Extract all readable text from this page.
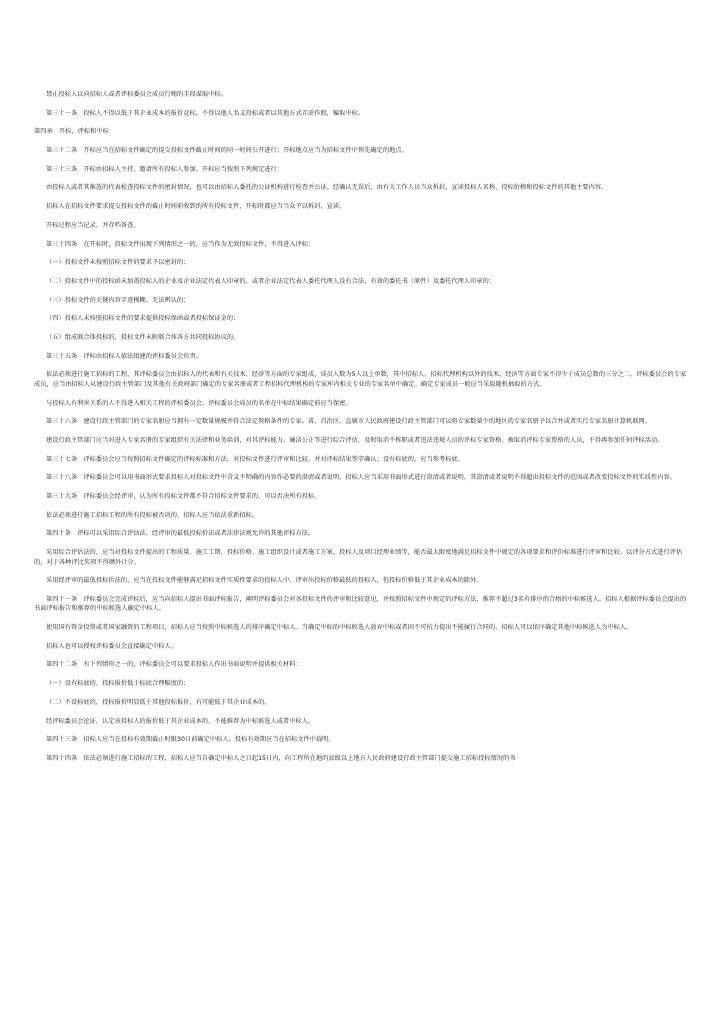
禁止投标人以向招标人或者评标委员会成员行贿的手段谋取中标。

第三十一条　投标人不得以低于其企业成本的报价竞标，不得以他人名义投标或者以其他方式弄虚作假，骗取中标。

第四章　开标、评标和中标

第三十二条　开标应当在招标文件确定的提交投标文件截止时间的同一时间公开进行；开标地点应当为招标文件中预先确定的地点。

第三十三条　开标由招标人主持，邀请所有投标人参加。开标应当按照下列规定进行：

由投标人或者其推选的代表检查投标文件的密封情况，也可以由招标人委托的公证机构进行检查并公证。经确认无误后，由有关工作人员当众拆封，宣读投标人名称、投标价格和投标文件的其他主要内容。

招标人在招标文件要求提交投标文件的截止时间前收到的所有投标文件，开标时都应当当众予以拆封、宣读。

开标过程应当记录，并存档备查。

第三十四条　在开标时，投标文件出现下列情形之一的，应当作为无效投标文件，不得进入评标：

（一）投标文件未按照招标文件的要求予以密封的；

（二）投标文件中的投标函未加盖投标人的企业及企业法定代表人印章的，或者企业法定代表人委托代理人没有合法、有效的委托书（原件）及委托代理人印章的；

（三）投标文件的关键内容字迹模糊、无法辨认的；

（四）投标人未按照招标文件的要求提供投标保函或者投标保证金的；

（五）组成联合体投标的，投标文件未附联合体各方共同投标协议的。

第三十五条　评标由招标人依法组建的评标委员会负责。

依法必须进行施工招标的工程，其评标委员会由招标人的代表和有关技术、经济等方面的专家组成，成员人数为5人以上单数，其中招标人、招标代理机构以外的技术、经济等方面专家不得少于成员总数的三分之二。评标委员会的专家成员，应当由招标人从建设行政主管部门及其他有关政府部门确定的专家名册或者工程招标代理机构的专家库内相关专业的专家名单中确定。确定专家成员一般应当采取随机抽取的方式。

与投标人有利害关系的人不得进入相关工程的评标委员会。评标委员会成员的名单在中标结果确定前应当保密。

第三十六条　建设行政主管部门的专家名册应当拥有一定数量规模并符合法定资格条件的专家。省、自治区、直辖市人民政府建设行政主管部门可以将专家数量少的地区的专家名册予以合并或者实行专家名册计算机联网。

建设行政主管部门应当对进入专家名册的专家组织有关法律和业务培训，对其评标能力、廉洁公正等进行综合评估，及时取消不称职或者违法违规人员的评标专家资格。被取消评标专家资格的人员，不得再参加任何评标活动。

第三十七条　评标委员会应当按照招标文件确定的评标标准和方法，对投标文件进行评审和比较，并对评标结果签字确认；设有标底的，应当参考标底。

第三十八条　评标委员会可以用书面形式要求投标人对投标文件中含义不明确的内容作必要的澄清或者说明。投标人应当采用书面形式进行澄清或者说明，其澄清或者说明不得超出投标文件的范围或者改变投标文件的实质性内容。

第三十九条　评标委员会经评审，认为所有投标文件都不符合招标文件要求的，可以否决所有投标。

依法必须进行施工招标工程的所有投标被否决的，招标人应当依法重新招标。

第四十条　评标可以采用综合评估法、经评审的最低投标价法或者法律法规允许的其他评标方法。

采用综合评估法的，应当对投标文件提出的工程质量、施工工期、投标价格、施工组织设计或者施工方案、投标人及项目经理业绩等，能否最大限度地满足招标文件中规定的各项要求和评价标准进行评审和比较。以评分方式进行评估的，对于各种评比奖项不得额外计分。

采用经评审的最低投标价法的，应当在投标文件能够满足招标文件实质性要求的投标人中，评审出投标价格最低的投标人，但投标价格低于其企业成本的除外。

第四十一条　评标委员会完成评标后，应当向招标人提出书面评标报告，阐明评标委员会对各投标文件的评审和比较意见，并按照招标文件中规定的评标方法，推荐不超过3名有排序的合格的中标候选人。招标人根据评标委员会提出的书面评标报告和推荐的中标候选人确定中标人。

使用国有资金投资或者国家融资的工程项目，招标人应当按照中标候选人的排序确定中标人。当确定中标的中标候选人放弃中标或者因不可抗力提出不能履行合同的，招标人可以依序确定其他中标候选人为中标人。

招标人也可以授权评标委员会直接确定中标人。

第四十二条　有下列情形之一的，评标委员会可以要求投标人作出书面说明并提供相关材料：

（一）设有标底的，投标报价低于标底合理幅度的；

（二）不设标底的，投标报价明显低于其他投标报价，有可能低于其企业成本的。

经评标委员会论证，认定该投标人的报价低于其企业成本的，不能推荐为中标候选人或者中标人。

第四十三条　招标人应当在投标有效期截止时限30日前确定中标人。投标有效期应当在招标文件中载明。

第四十四条　依法必须进行施工招标的工程，招标人应当自确定中标人之日起15日内，向工程所在地的县级以上地方人民政府建设行政主管部门提交施工招标投标情况的书
